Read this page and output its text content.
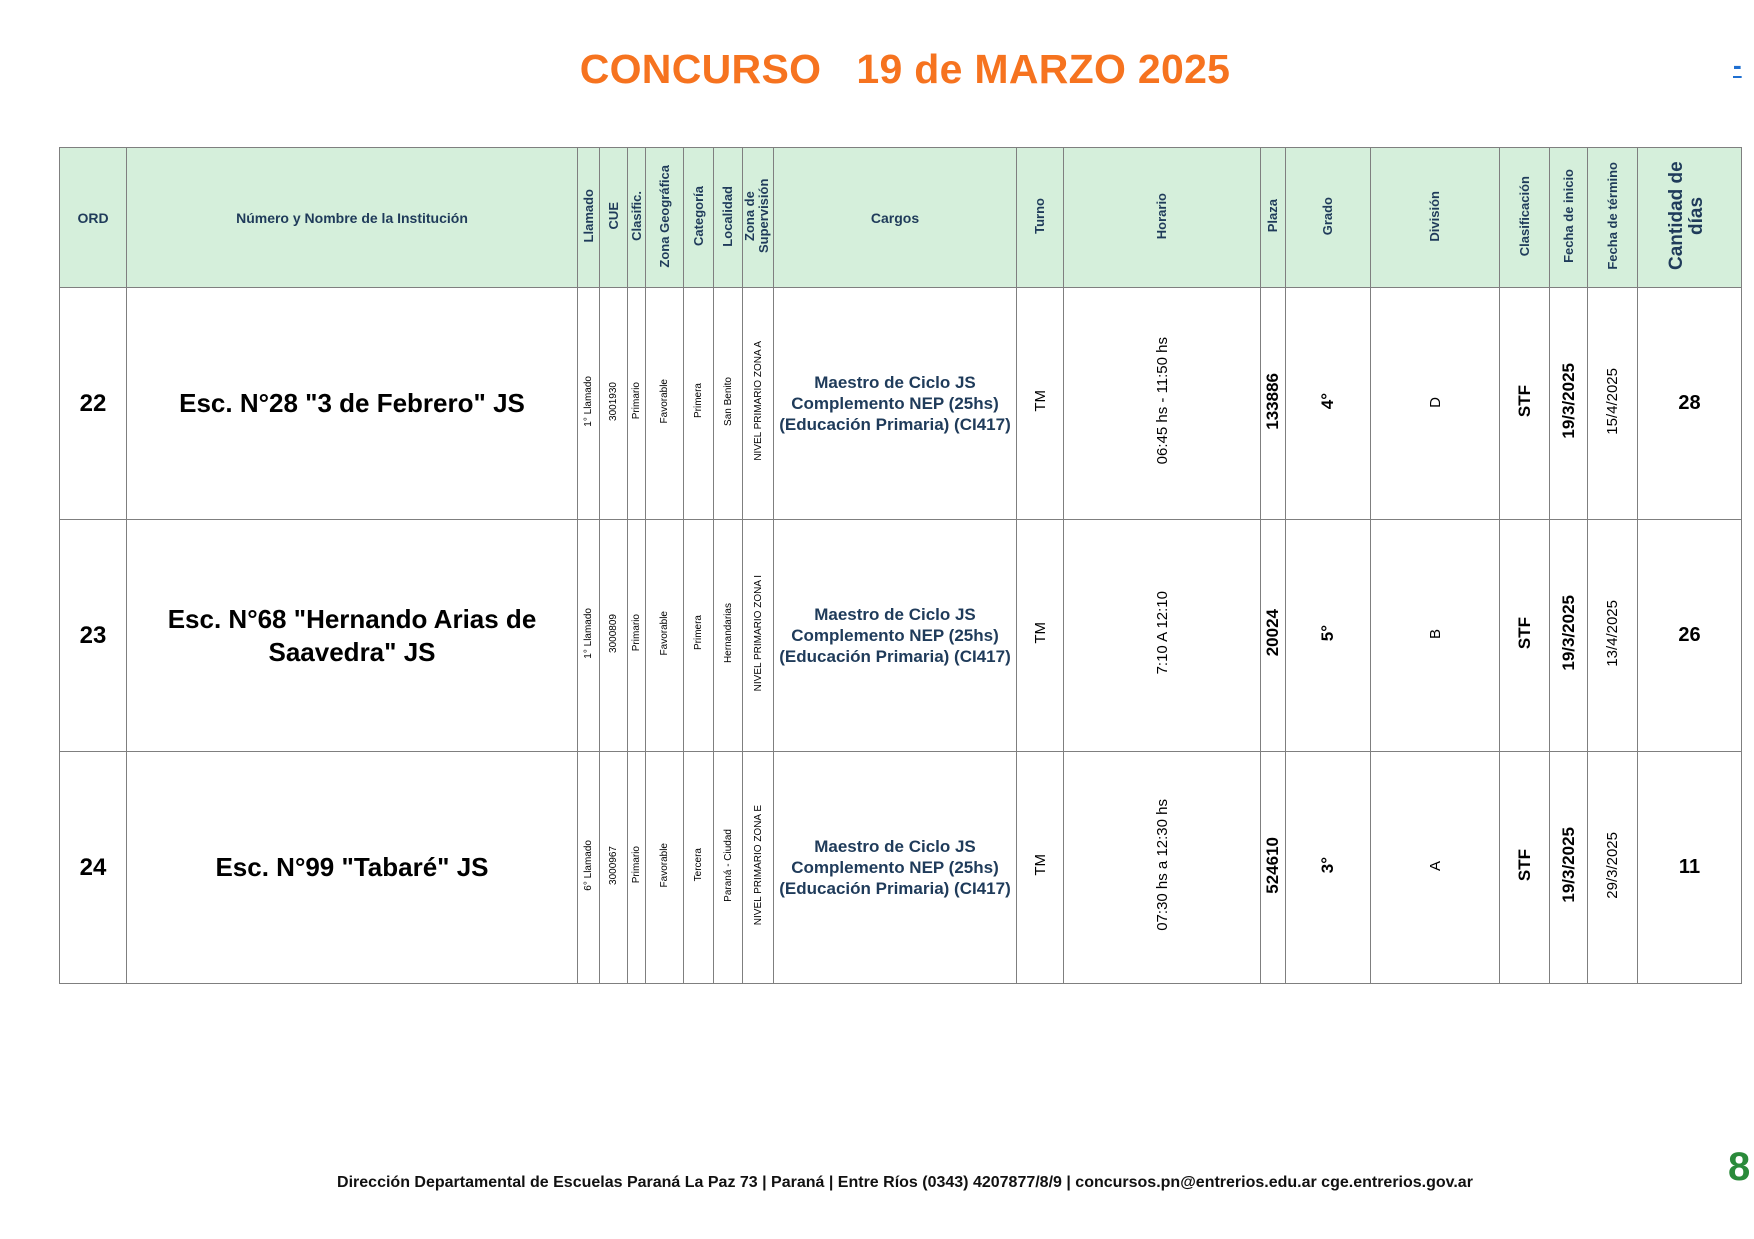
CONCURSO   19 de MARZO 2025	-
ORD	Número y Nombre de la Institución	Llamado	CUE	Clasific.	Zona Geográfica	Categoría	Localidad	Zona de Supervisión	Cargos	Turno	Horario	Plaza	Grado	División	Clasificación	Fecha de inicio	Fecha de término	Cantidad de días
22	Esc. N°28 "3 de Febrero" JS	1° Llamado	3001930	Primario	Favorable	Primera	San Benito	NIVEL PRIMARIO ZONA A	Maestro de Ciclo JS Complemento NEP (25hs) (Educación Primaria) (CI417)	TM	06:45 hs - 11:50 hs	133886	4°	D	STF	19/3/2025	15/4/2025	28
23	Esc. N°68 "Hernando Arias de Saavedra" JS	1° Llamado	3000809	Primario	Favorable	Primera	Hernandarias	NIVEL PRIMARIO ZONA I	Maestro de Ciclo JS Complemento NEP (25hs) (Educación Primaria) (CI417)	TM	7:10 A 12:10	20024	5°	B	STF	19/3/2025	13/4/2025	26
24	Esc. N°99 "Tabaré" JS	6° Llamado	3000967	Primario	Favorable	Tercera	Paraná - Ciudad	NIVEL PRIMARIO ZONA E	Maestro de Ciclo JS Complemento NEP (25hs) (Educación Primaria) (CI417)	TM	07:30 hs a 12:30 hs	524610	3°	A	STF	19/3/2025	29/3/2025	11
Dirección Departamental de Escuelas Paraná La Paz 73 | Paraná | Entre Ríos (0343) 4207877/8/9 | concursos.pn@entrerios.edu.ar cge.entrerios.gov.ar	8
